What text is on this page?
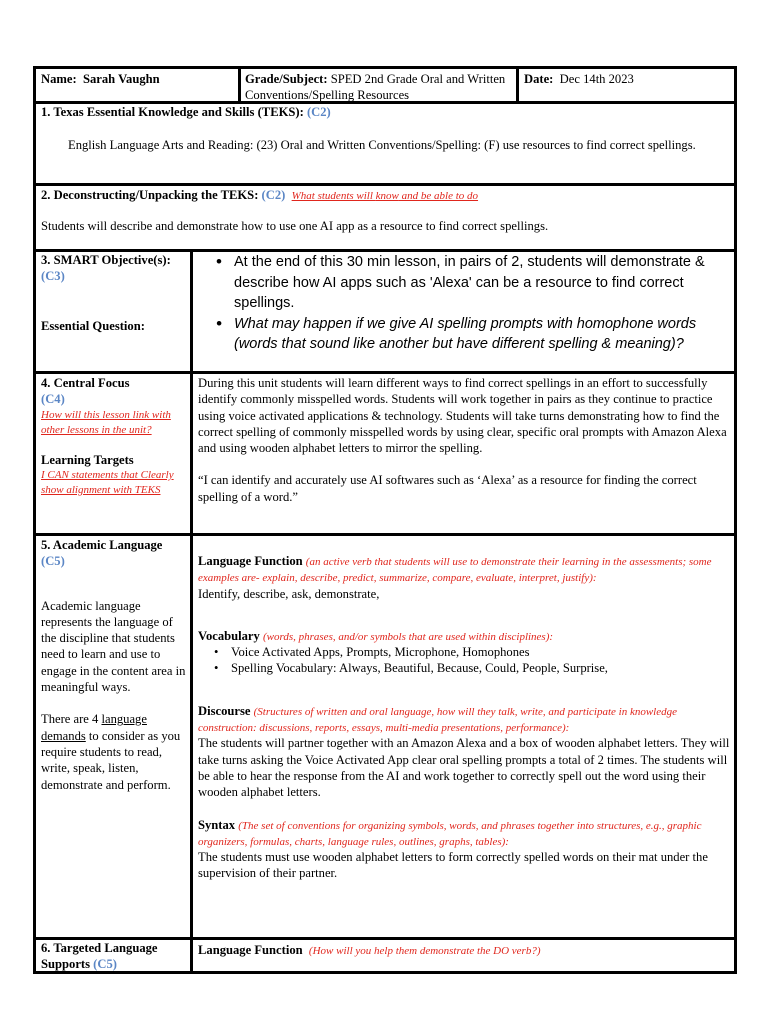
Name: Sarah Vaughn	Grade/Subject: SPED 2nd Grade Oral and Written Conventions/Spelling Resources
Date: Dec 14th 2023
1. Texas Essential Knowledge and Skills (TEKS): (C2)

English Language Arts and Reading: (23) Oral and Written Conventions/Spelling: (F) use resources to find correct spellings.

2. Deconstructing/Unpacking the TEKS: (C2) What students will know and be able to do

Students will describe and demonstrate how to use one AI app as a resource to find correct spellings.

3. SMART Objective(s): (C3)
Essential Question:
• At the end of this 30 min lesson, in pairs of 2, students will demonstrate & describe how AI apps such as 'Alexa' can be a resource to find correct spellings.
• What may happen if we give AI spelling prompts with homophone words (words that sound like another but have different spelling & meaning)?
4. Central Focus
(C4)
How will this lesson link with other lessons in the unit?
Learning Targets
I CAN statements that Clearly show alignment with TEKS

During this unit students will learn different ways to find correct spellings in an effort to successfully identify commonly misspelled words. Students will work together in pairs as they continue to practice using voice activated applications & technology. Students will take turns demonstrating how to find the correct spelling of commonly misspelled words by using clear, specific oral prompts with Amazon Alexa and using wooden alphabet letters to mirror the spelling.

“I can identify and accurately use AI softwares such as ‘Alexa’ as a resource for finding the correct spelling of a word.”

5. Academic Language
(C5)

Academic language represents the language of the discipline that students need to learn and use to engage in the content area in meaningful ways.

There are 4 language demands to consider as you require students to read, write, speak, listen, demonstrate and perform.

Language Function (an active verb that students will use to demonstrate their learning in the assessments; some examples are- explain, describe, predict, summarize, compare, evaluate, interpret, justify):
Identify, describe, ask, demonstrate,
Vocabulary (words, phrases, and/or symbols that are used within disciplines):
• Voice Activated Apps, Prompts, Microphone, Homophones
• Spelling Vocabulary: Always, Beautiful, Because, Could, People, Surprise,
Discourse (Structures of written and oral language, how will they talk, write, and participate in knowledge construction: discussions, reports, essays, multi-media presentations, performance):
The students will partner together with an Amazon Alexa and a box of wooden alphabet letters. They will take turns asking the Voice Activated App clear oral spelling prompts a total of 2 times. The students will be able to hear the response from the AI and work together to correctly spell out the word using their wooden alphabet letters.
Syntax (The set of conventions for organizing symbols, words, and phrases together into structures, e.g., graphic organizers, formulas, charts, language rules, outlines, graphs, tables):
The students must use wooden alphabet letters to form correctly spelled words on their mat under the supervision of their partner.
6. Targeted Language Supports (C5)
Language Function (How will you help them demonstrate the DO verb?)
